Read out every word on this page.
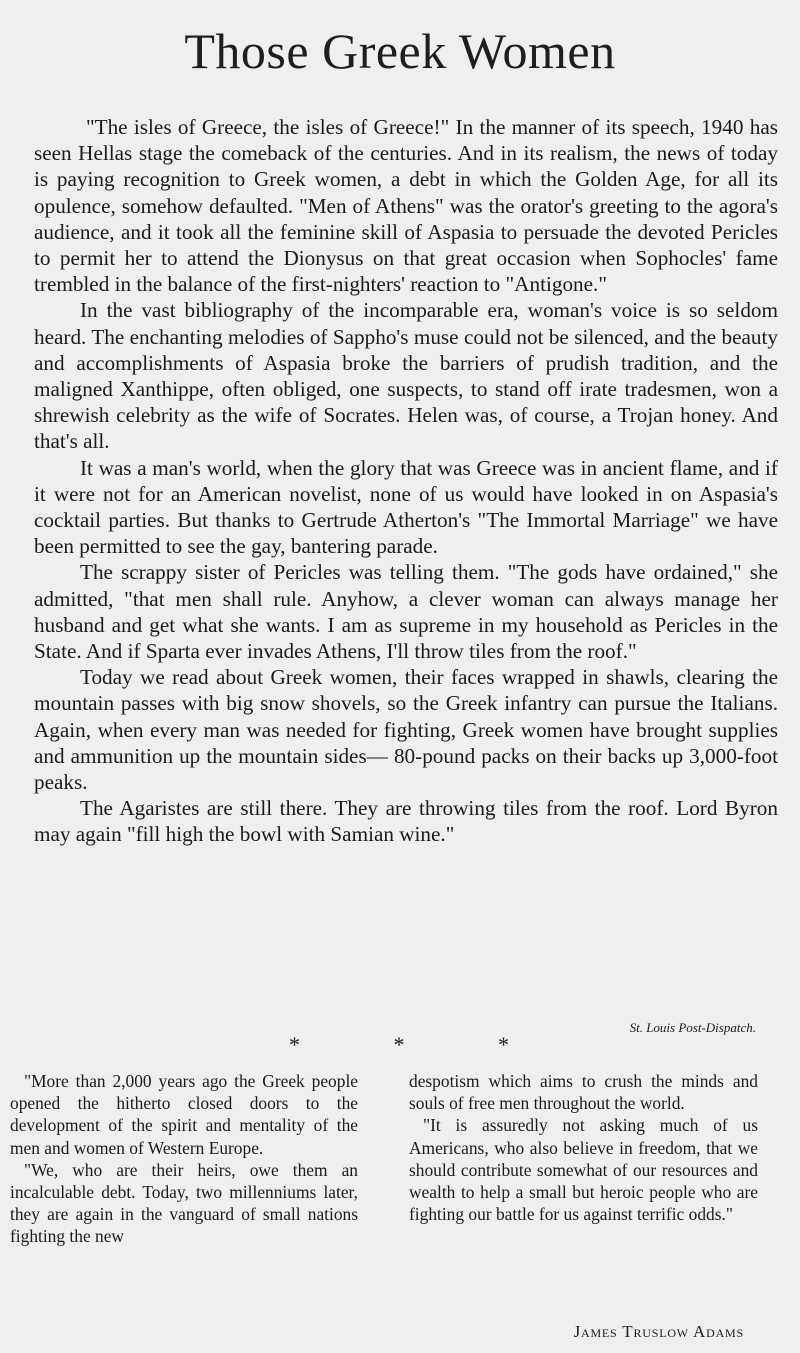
Those Greek Women

"The isles of Greece, the isles of Greece!" In the manner of its speech, 1940 has seen Hellas stage the comeback of the centuries. And in its realism, the news of today is paying recognition to Greek women, a debt in which the Golden Age, for all its opulence, somehow defaulted. "Men of Athens" was the orator's greeting to the agora's audience, and it took all the feminine skill of Aspasia to persuade the devoted Pericles to permit her to attend the Dionysus on that great occasion when Sophocles' fame trembled in the balance of the first-nighters' reaction to "Antigone."

In the vast bibliography of the incomparable era, woman's voice is so seldom heard. The enchanting melodies of Sappho's muse could not be silenced, and the beauty and accomplishments of Aspasia broke the barriers of prudish tradition, and the maligned Xanthippe, often obliged, one suspects, to stand off irate tradesmen, won a shrewish celebrity as the wife of Socrates. Helen was, of course, a Trojan honey. And that's all.

It was a man's world, when the glory that was Greece was in ancient flame, and if it were not for an American novelist, none of us would have looked in on Aspasia's cocktail parties. But thanks to Gertrude Atherton's "The Immortal Marriage" we have been permitted to see the gay, bantering parade.

The scrappy sister of Pericles was telling them. "The gods have ordained," she admitted, "that men shall rule. Anyhow, a clever woman can always manage her husband and get what she wants. I am as supreme in my household as Pericles in the State. And if Sparta ever invades Athens, I'll throw tiles from the roof."

Today we read about Greek women, their faces wrapped in shawls, clearing the mountain passes with big snow shovels, so the Greek infantry can pursue the Italians. Again, when every man was needed for fighting, Greek women have brought supplies and ammunition up the mountain sides— 80-pound packs on their backs up 3,000-foot peaks.

The Agaristes are still there. They are throwing tiles from the roof. Lord Byron may again "fill high the bowl with Samian wine."

St. Louis Post-Dispatch.
* * *

"More than 2,000 years ago the Greek people opened the hitherto closed doors to the development of the spirit and mentality of the men and women of Western Europe.

"We, who are their heirs, owe them an incalculable debt. Today, two millenniums later, they are again in the vanguard of small nations fighting the new

despotism which aims to crush the minds and souls of free men throughout the world.

"It is assuredly not asking much of us Americans, who also believe in freedom, that we should contribute somewhat of our resources and wealth to help a small but heroic people who are fighting our battle for us against terrific odds."

James Truslow Adams
